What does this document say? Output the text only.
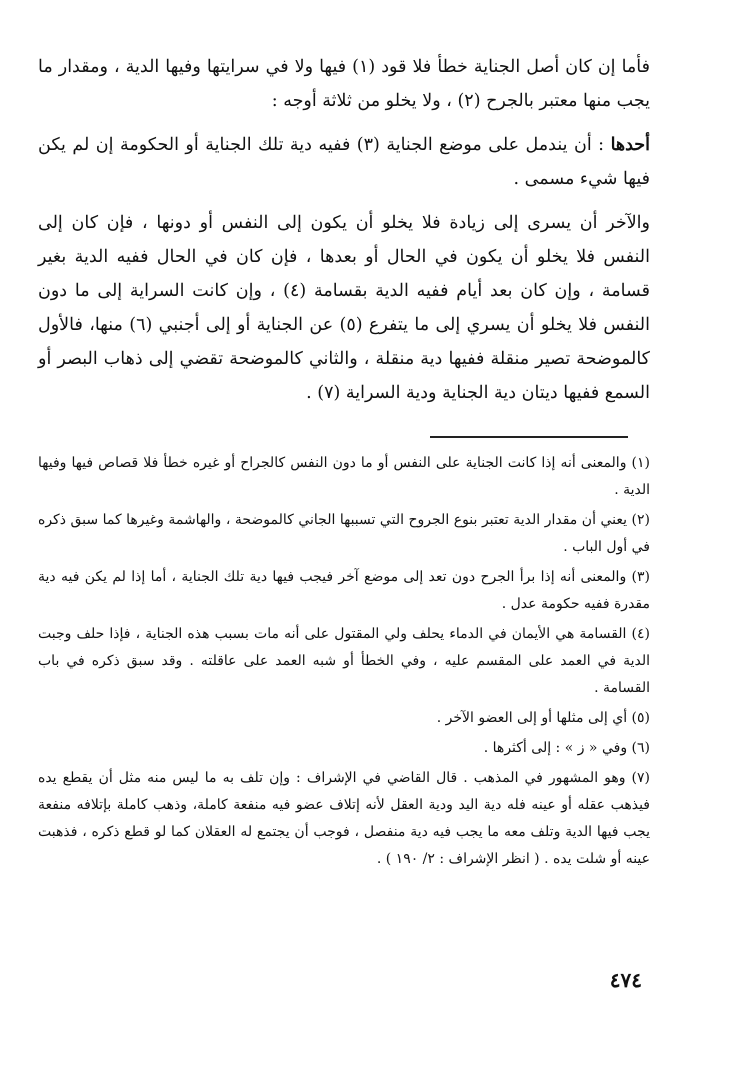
فأما إن كان أصل الجناية خطأ فلا قود (١) فيها ولا في سرايتها وفيها الدية ، ومقدار ما يجب منها معتبر بالجرح (٢) ، ولا يخلو من ثلاثة أوجه :

أحدها : أن يندمل على موضع الجناية (٣) ففيه دية تلك الجناية أو الحكومة إن لم يكن فيها شيء مسمى .

والآخر أن يسرى إلى زيادة فلا يخلو أن يكون إلى النفس أو دونها ، فإن كان إلى النفس فلا يخلو أن يكون في الحال أو بعدها ، فإن كان في الحال ففيه الدية بغير قسامة ، وإن كان بعد أيام ففيه الدية بقسامة (٤) ، وإن كانت السراية إلى ما دون النفس فلا يخلو أن يسري إلى ما يتفرع (٥) عن الجناية أو إلى أجنبي (٦) منها، فالأول كالموضحة تصير منقلة ففيها دية منقلة ، والثاني كالموضحة تقضي إلى ذهاب البصر أو السمع ففيها ديتان دية الجناية ودية السراية (٧) .

(١) والمعنى أنه إذا كانت الجناية على النفس أو ما دون النفس كالجراح أو غيره خطأ فلا قصاص فيها وفيها الدية .

(٢) يعني أن مقدار الدية تعتبر بنوع الجروح التي تسببها الجاني كالموضحة ، والهاشمة وغيرها كما سبق ذكره في أول الباب .

(٣) والمعنى أنه إذا برأ الجرح دون تعد إلى موضع آخر فيجب فيها دية تلك الجناية ، أما إذا لم يكن فيه دية مقدرة ففيه حكومة عدل .

(٤) القسامة هي الأيمان في الدماء يحلف ولي المقتول على أنه مات بسبب هذه الجناية ، فإذا حلف وجبت الدية في العمد على المقسم عليه ، وفي الخطأ أو شبه العمد على عاقلته . وقد سبق ذكره في باب القسامة .

(٥) أي إلى مثلها أو إلى العضو الآخر .

(٦) وفي « ز » : إلى أكثرها .

(٧) وهو المشهور في المذهب . قال القاضي في الإشراف : وإن تلف به ما ليس منه مثل أن يقطع يده فيذهب عقله أو عينه فله دية اليد ودية العقل لأنه إتلاف عضو فيه منفعة كاملة، وذهب كاملة بإتلافه منفعة يجب فيها الدية وتلف معه ما يجب فيه دية منفصل ، فوجب أن يجتمع له العقلان كما لو قطع ذكره ، فذهبت عينه أو شلت يده . ( انظر الإشراف : ٢/ ١٩٠ ) .

٤٧٤
